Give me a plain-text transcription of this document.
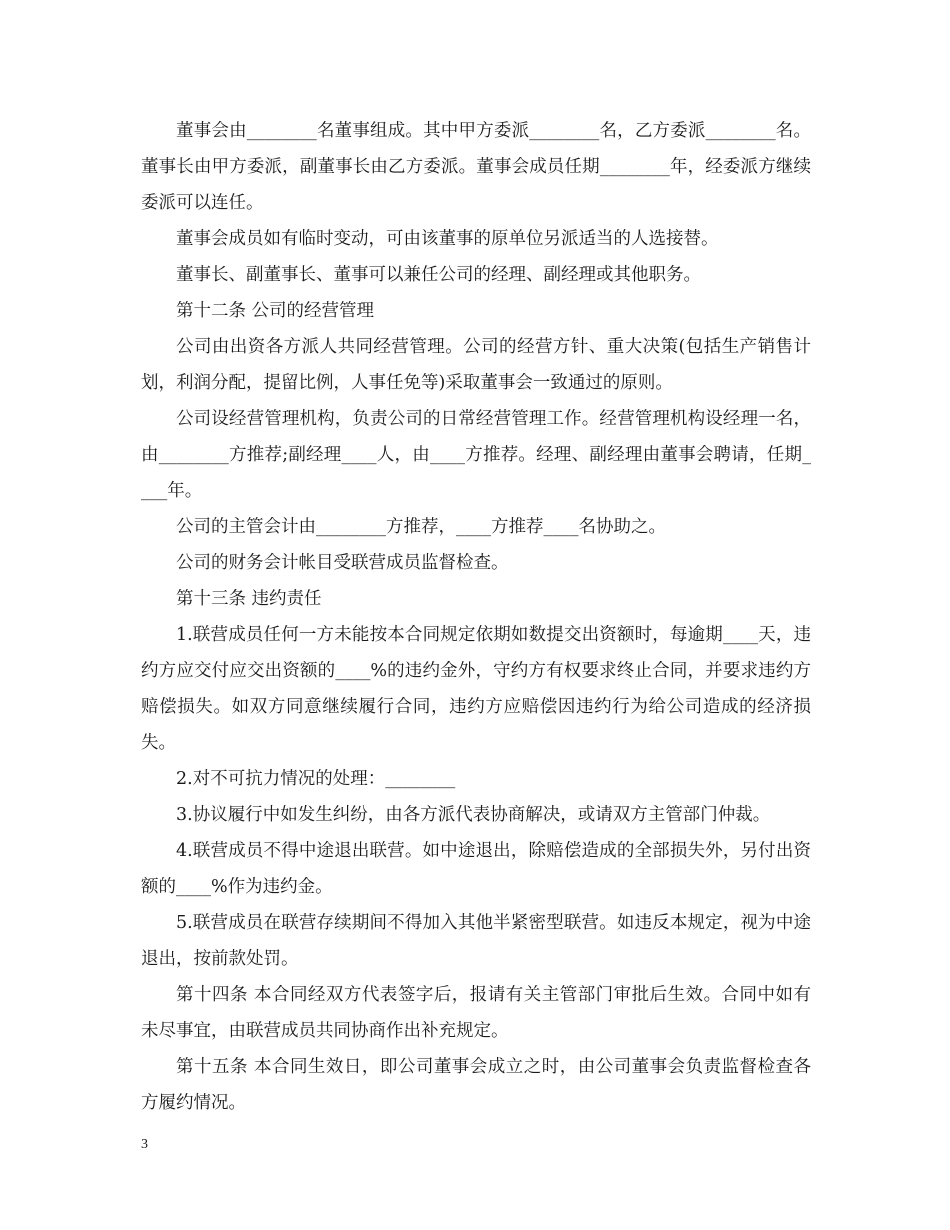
董事会由________名董事组成。其中甲方委派________名，乙方委派________名。董事长由甲方委派，副董事长由乙方委派。董事会成员任期________年，经委派方继续委派可以连任。

董事会成员如有临时变动，可由该董事的原单位另派适当的人选接替。

董事长、副董事长、董事可以兼任公司的经理、副经理或其他职务。

第十二条 公司的经营管理

公司由出资各方派人共同经营管理。公司的经营方针、重大决策(包括生产销售计划，利润分配，提留比例，人事任免等)采取董事会一致通过的原则。

公司设经营管理机构，负责公司的日常经营管理工作。经营管理机构设经理一名，由________方推荐;副经理____人，由____方推荐。经理、副经理由董事会聘请，任期____年。

公司的主管会计由________方推荐，____方推荐____名协助之。

公司的财务会计帐目受联营成员监督检查。

第十三条 违约责任

1.联营成员任何一方未能按本合同规定依期如数提交出资额时，每逾期____天，违约方应交付应交出资额的____%的违约金外，守约方有权要求终止合同，并要求违约方赔偿损失。如双方同意继续履行合同，违约方应赔偿因违约行为给公司造成的经济损失。

2.对不可抗力情况的处理：________

3.协议履行中如发生纠纷，由各方派代表协商解决，或请双方主管部门仲裁。

4.联营成员不得中途退出联营。如中途退出，除赔偿造成的全部损失外，另付出资额的____%作为违约金。

5.联营成员在联营存续期间不得加入其他半紧密型联营。如违反本规定，视为中途退出，按前款处罚。

第十四条 本合同经双方代表签字后，报请有关主管部门审批后生效。合同中如有未尽事宜，由联营成员共同协商作出补充规定。

第十五条 本合同生效日，即公司董事会成立之时，由公司董事会负责监督检查各方履约情况。

3
